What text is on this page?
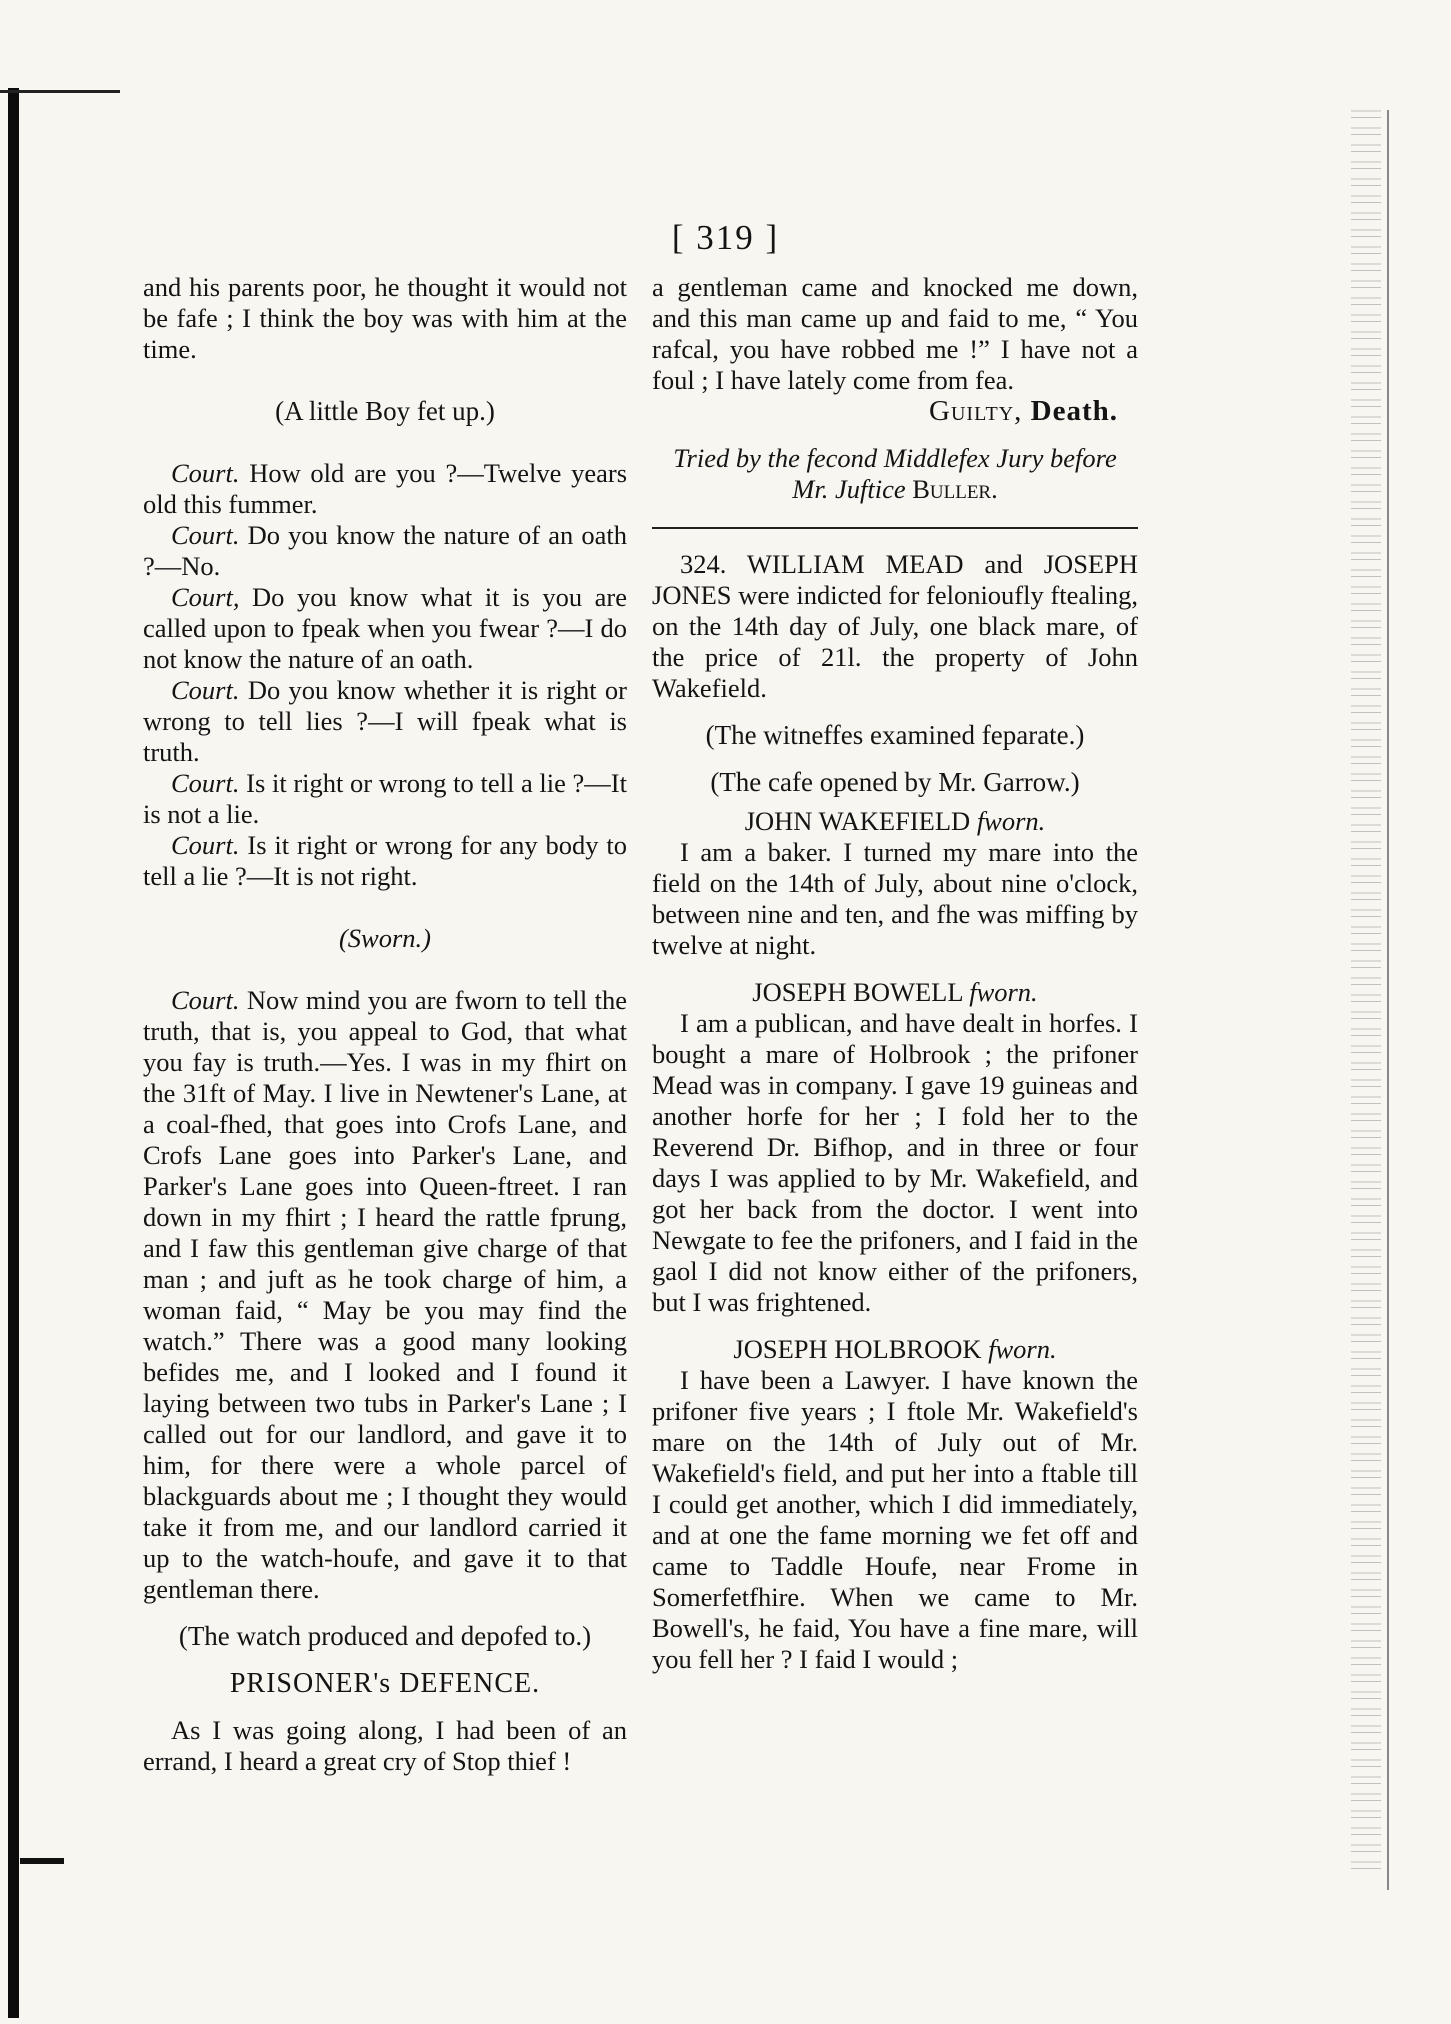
[ 319 ]

and his parents poor, he thought it would not be fafe ; I think the boy was with him at the time.

(A little Boy fet up.)

Court. How old are you ?—Twelve years old this fummer.

Court. Do you know the nature of an oath ?—No.

Court, Do you know what it is you are called upon to fpeak when you fwear ?—I do not know the nature of an oath.

Court. Do you know whether it is right or wrong to tell lies ?—I will fpeak what is truth.

Court. Is it right or wrong to tell a lie ?—It is not a lie.

Court. Is it right or wrong for any body to tell a lie ?—It is not right.

(Sworn.)

Court. Now mind you are fworn to tell the truth, that is, you appeal to God, that what you fay is truth.—Yes. I was in my fhirt on the 31ft of May. I live in Newtener's Lane, at a coal-fhed, that goes into Crofs Lane, and Crofs Lane goes into Parker's Lane, and Parker's Lane goes into Queen-ftreet. I ran down in my fhirt ; I heard the rattle fprung, and I faw this gentleman give charge of that man ; and juft as he took charge of him, a woman faid, “ May be you may find the watch.” There was a good many looking befides me, and I looked and I found it laying between two tubs in Parker's Lane ; I called out for our landlord, and gave it to him, for there were a whole parcel of blackguards about me ; I thought they would take it from me, and our landlord carried it up to the watch-houfe, and gave it to that gentleman there.

(The watch produced and depofed to.)

PRISONER's DEFENCE.

As I was going along, I had been of an errand, I heard a great cry of Stop thief !

a gentleman came and knocked me down, and this man came up and faid to me, “ You rafcal, you have robbed me !” I have not a foul ; I have lately come from fea.

Guilty, Death.

Tried by the fecond Middlefex Jury before

Mr. Juftice Buller.

324. WILLIAM MEAD and JOSEPH JONES were indicted for felonioufly ftealing, on the 14th day of July, one black mare, of the price of 21l. the property of John Wakefield.

(The witneffes examined feparate.)

(The cafe opened by Mr. Garrow.)

JOHN WAKEFIELD fworn.

I am a baker. I turned my mare into the field on the 14th of July, about nine o'clock, between nine and ten, and fhe was miffing by twelve at night.

JOSEPH BOWELL fworn.

I am a publican, and have dealt in horfes. I bought a mare of Holbrook ; the prifoner Mead was in company. I gave 19 guineas and another horfe for her ; I fold her to the Reverend Dr. Bifhop, and in three or four days I was applied to by Mr. Wakefield, and got her back from the doctor. I went into Newgate to fee the prifoners, and I faid in the gaol I did not know either of the prifoners, but I was frightened.

JOSEPH HOLBROOK fworn.

I have been a Lawyer. I have known the prifoner five years ; I ftole Mr. Wakefield's mare on the 14th of July out of Mr. Wakefield's field, and put her into a ftable till I could get another, which I did immediately, and at one the fame morning we fet off and came to Taddle Houfe, near Frome in Somerfetfhire. When we came to Mr. Bowell's, he faid, You have a fine mare, will you fell her ? I faid I would ;
